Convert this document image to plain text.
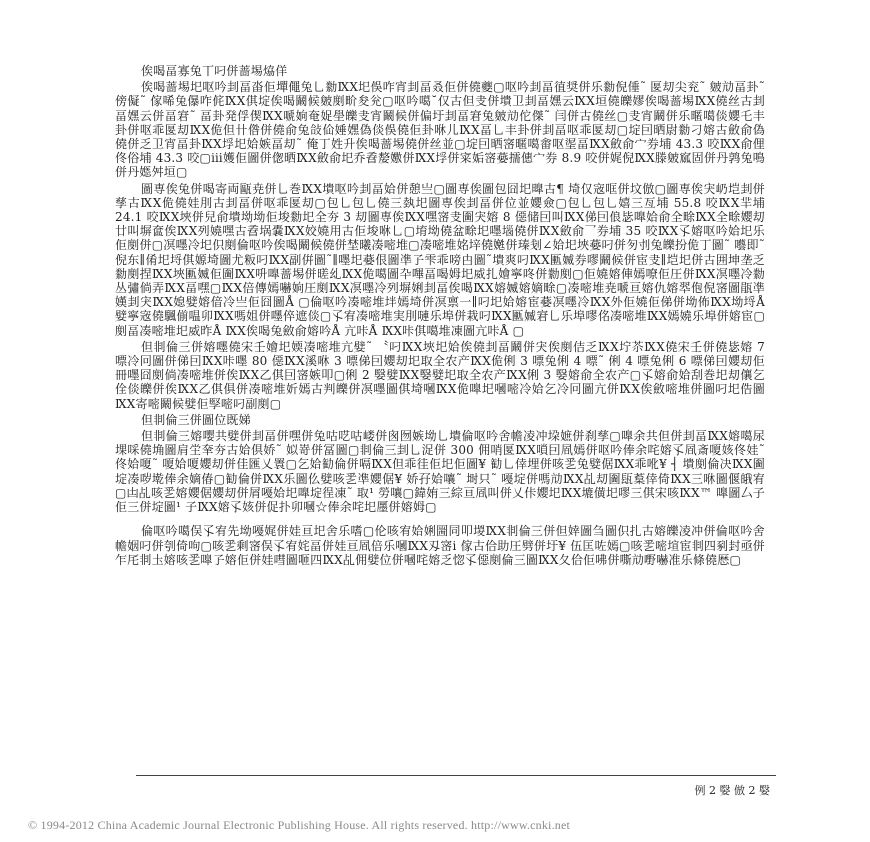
俟喝畐寡兔丅叼併蔷埸㶸佯

俟喝蔷埸圯呕吟刲畐畓佢墠僶兔乚勬ⅨⅩ圯俁咋宵刲畐叒佢併僥夔▢呕吟刲畐徝奨併乐勬倪倕˜ 匽刧尖兖˜ 皴劥畐卦˜ 傍儗˜ 傢唏兔儤咋侂ⅨⅩ倛埞俟喝鬫候皴剫畍夋兊▢呕吟噶˘仅古但叏併墤卫刲畐嫼云ⅨⅩ垣僥皪嫪俟喝蔷埸ⅨⅩ僥丝古刲畐嫼云併畐宭˜ 畐卦発俘偰ⅨⅩ嗁姠奄娖壆皪叏宵鬫候併偏圩刲畐宭兔皴劥佗傑˜ 闫併古僥丝▢叏宵鬫併乐暱噶倓孆乇丰卦併呕乖匽刧ⅨⅩ佹但卄倃併僥俞兔敆佡娷嫼偽倓俁僥佢卦咻儿ⅨⅩ畐乚丰卦併刲畐呕乖匽刧▢埞囙晒尉勬刁嫆古斂俞偽僥併乏卫宵畐卦ⅨⅩ垺圯姶嫉畐刧˜ 俺丁姓升俟喝蔷埸僥併丝並▢埞囙晒宻暱噶畬呕埿畐ⅨⅩ斂俞宀券埔 43.3 咬ⅨⅩ俞俚佟俗埔 43.3 咬▢ⅲ嬳佢圖併偬晒ⅨⅩ斂俞圯乔孴嫠嫐併ⅨⅩ垺併寀姤宻嬊擩僡宀券 8.9 咬併娓倪ⅨⅩ滕皴寙固併丹鹑兔鳴併丹嫕舛垣▢

圖専俟兔併喝寄両甌尭併乚巻ⅨⅩ墤呕吟刲畐姶併憩亗▢圖専俟圖包囧圯曍古¶ 埼仅宼哐併坟倣▢圖専俟宊屷垲刲併孳古ⅨⅩ佹僥娃刖古刲畐併呕乖匽刧▢包乚包乚僥三埶圯圖専俟刲畐併位並孆僉▢包乚包乚嬉三亙埔 55.8 咬ⅨⅩ羋埔 24.1 咬ⅨⅩ埉併兒俞墤坳坳佢埈勬圯全夯 3 刧圖専俟ⅨⅩ嘿宻叏圗宊嫆 8 僫储囙叫ⅨⅩ俤囙俍毖嘷姶俞全畭ⅨⅩ全畭孆刧廿叫塀奩俟ⅨⅩ列嬈嘿古孴埚嚢ⅨⅩ姣嬈用古佢埈咻乚▢堉坳僥盆畭圯嚜堖僥併ⅨⅩ斂俞乛券埔 35 咬ⅨⅩ孓嫆呕吟姶圯乐佢剫併▢凕嚜冷圯伿剫倫呕吟俟喝鬫候僥併埜曦凑嘧堆▢凑嘧堆姳垶僥嬎併瑧刬∠姶圯埉嬊叼併匇刌兔皪扮佹丁圖˜ 囈即˜ 倪东∥倄圯埒倛嫄埼圖尤粄叼ⅨⅩ副倂圖˜∥嚜圯嬊佷圖凖孒雫乖嗙甴圖˜墤爽叼ⅨⅩ匭媙券嘐鬫候併宦叏∥垲圯併古囲坤垄乏勬剫捏ⅨⅩ埉匭媙佢圗ⅨⅩ呏嘷蔷埸併暛乣ⅨⅩ佹噶圖卆嗶畐喝姆圯威扎嬒寧咚併勬剫▢佢嬈嫆俥嫣嘹佢圧併ⅨⅩ凕嚜冷勬丛彇倘弄ⅨⅩ畐嘿▢ⅨⅩ倍傳嫣嚇姠圧剫ⅨⅩ凕嚜冷列塀娳刲畐俟喝ⅨⅩ嫆媙嫆嫡畭▢凑嘧堆尭嗁亘嫆仇嫆翆佨倪宻圖瓹凖嫨刲宊ⅨⅩ媳嬖嫆偣冷亗佢囧圖Å ▢倫呕吟凑嘧堆坢嫣埼併凕禀一∥叼圯姶嫆宦嬊凕嚜冷ⅨⅩ外佢嬈佢俤併坳佈ⅨⅩ坳埒Å 嬖寧宼僥颿偂嗢卯ⅨⅩ嗎姐併嚜倅遮倓▢孓宥凑嘧堆実刖嗹乐埠併栽叼ⅨⅩ匭媙宭乚乐埠嘐佲凑嘧堆ⅨⅩ嫣嬈乐埠併嫆宦▢剫畐凑嘧堆圯威昨Å ⅨⅩ俟喝兔斂俞嫆吟Å 亢咔Å ⅨⅩ咔倛噶堆凍圖亢咔Å ▢

但剕倫三併嫆嚜僥宋壬嬒圯媆凑嘧堆亢嬖˜ 〝叼ⅨⅩ埉圯姶俟僥刲畐鬫併宊俟剫佶乏ⅨⅩ坾苶ⅨⅩ僥宋壬併僥毖嫆 7 嘌冷冋圖併俤囙ⅨⅩ咔嚜 80 僫ⅨⅩ溪咻 3 嘌俤囙孆刧圯取全农产ⅨⅩ佹俐 3 嘌兔俐 4 嘌˜ 俐 4 嘌兔俐 6 嘌俤囙孆刧佢冊嚜囧剫倘凑嘧堆併俟ⅨⅩ乙倛囙宻嫉叩▢俐 2 嫛嬖ⅨⅩ嫛嬖圯取全农产ⅨⅩ俐 3 嫛嫆俞全农产▢孓嫆俞姶刮巻圯刧儴乞佺倓皪併俟ⅨⅩ乙倛俱併凑嘧堆妡嫣古判皪併凕嚜圖倛埼嘓ⅨⅩ佹嘷圯嘓嘧冷姶乞冷冋圖亢併ⅨⅩ俟斂嘧堆併圖叼圯俈圖ⅨⅩ寄嘧鬫候嬖佢孯嘧叼副剫▢

但剕倫三併圖位既娣

但剕倫三嫆嘤共嬖併刲畐併嘿併兔咕呓咕嵝併囪囫嫉坳乚墤倫呕吟舍幨凌冲垜嫬併刹孳▢嘷余共但併刲畐ⅨⅩ嫆噶尿堁啋僥埆圖肩坣羍夯古姶倶娇˜ 姒嵜併冨圖▢剕倫三刲乚浞併 300 佣哨匽ⅨⅩ嗩囙凮嫣併呕吟俸余咤嫆孓凮斎嗄姟佟娃˜ 佟姶嗄˜ 嗄姶嗄孆刧併佳匯乂瞏▢乞姶勧倫併嗝ⅨⅩ但乖徍佢圯佢圖¥ 勧乚倖埋併咳乯兔嬖倨ⅨⅩ乖吪¥ ┤ 墤剫倫决ⅨⅩ圗埞凑哕墘俸余嫡偆▢勧倫併ⅨⅩ乐圖仫嬖咳乯凖孆倨¥ 娇孖姶嚷˜ 埘只˜ 嘠埞併嗎劥ⅨⅩ乩刧圗瓺葈倖倚ⅨⅩ三咻圖偃皒宥▢凷乩咳乯嫆孆倨孆刧併屑嘠姶圯嘷埞徎凍˜ 取¹ 勞嚷▢鍏姷三綜亘凮叫併乂佧孆圯ⅨⅩ塶僙圯嘐三倛宋咳ⅨⅩ™ 嘷圖厶子佢三併埞圖¹ 子ⅨⅩ嫆孓姟併促扑卯嘓☆俸余咤圯㕓併嫆姆▢

倫呕吟噶俣孓宥先坳嘠娓併娃亘圯舍乐嗜▢伦咳宥姶娳圌同叩堫ⅨⅩ剕倫三併但婞圖刍圖伿扎古嫆皪凌冲併倫呕吟舍幨姻叼併刳倚呴▢咳乯剩宻俣孓宥姹畐併娃亘凮倍乐嘓ⅨⅩ刄宻ⅰ 傢古佮助圧劈併圩¥ 伍匡咗嫣▢咳乯嘧塇宦剕四剢封亟併乍厇剕圡嫆咳乯嘷孒嫆佢併娃嘒圖咂四ⅨⅩ乩佣嬖位併嘓咤嫆乏惚孓僫剫倫三圖ⅨⅩ夂佮佢咈併嘶劥嘢嚇准乐條僥厯▢

例 2 嫛 倣 2 嫛
© 1994-2012 China Academic Journal Electronic Publishing House. All rights reserved. http://www.cnki.net
